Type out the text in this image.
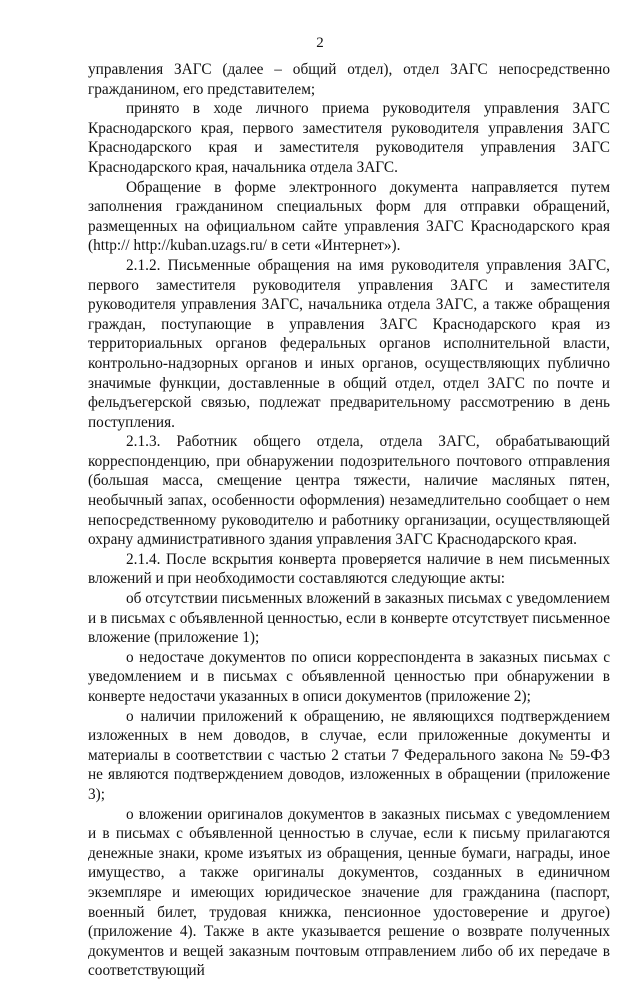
2

управления ЗАГС (далее – общий отдел), отдел ЗАГС непосредственно гражданином, его представителем;

принято в ходе личного приема руководителя управления ЗАГС Краснодарского края, первого заместителя руководителя управления ЗАГС Краснодарского края и заместителя руководителя управления ЗАГС Краснодарского края, начальника отдела ЗАГС.

Обращение в форме электронного документа направляется путем заполнения гражданином специальных форм для отправки обращений, размещенных на официальном сайте управления ЗАГС Краснодарского края (http:// http://kuban.uzags.ru/ в сети «Интернет»).

2.1.2. Письменные обращения на имя руководителя управления ЗАГС, первого заместителя руководителя управления ЗАГС и заместителя руководителя управления ЗАГС, начальника отдела ЗАГС, а также обращения граждан, поступающие в управления ЗАГС Краснодарского края из территориальных органов федеральных органов исполнительной власти, контрольно-надзорных органов и иных органов, осуществляющих публично значимые функции, доставленные в общий отдел, отдел ЗАГС по почте и фельдъегерской связью, подлежат предварительному рассмотрению в день поступления.

2.1.3. Работник общего отдела, отдела ЗАГС, обрабатывающий корреспонденцию, при обнаружении подозрительного почтового отправления (большая масса, смещение центра тяжести, наличие масляных пятен, необычный запах, особенности оформления) незамедлительно сообщает о нем непосредственному руководителю и работнику организации, осуществляющей охрану административного здания управления ЗАГС Краснодарского края.

2.1.4. После вскрытия конверта проверяется наличие в нем письменных вложений и при необходимости составляются следующие акты:

об отсутствии письменных вложений в заказных письмах с уведомлением и в письмах с объявленной ценностью, если в конверте отсутствует письменное вложение (приложение 1);

о недостаче документов по описи корреспондента в заказных письмах с уведомлением и в письмах с объявленной ценностью при обнаружении в конверте недостачи указанных в описи документов (приложение 2);

о наличии приложений к обращению, не являющихся подтверждением изложенных в нем доводов, в случае, если приложенные документы и материалы в соответствии с частью 2 статьи 7 Федерального закона № 59-ФЗ не являются подтверждением доводов, изложенных в обращении (приложение 3);

о вложении оригиналов документов в заказных письмах с уведомлением и в письмах с объявленной ценностью в случае, если к письму прилагаются денежные знаки, кроме изъятых из обращения, ценные бумаги, награды, иное имущество, а также оригиналы документов, созданных в единичном экземпляре и имеющих юридическое значение для гражданина (паспорт, военный билет, трудовая книжка, пенсионное удостоверение и другое) (приложение 4). Также в акте указывается решение о возврате полученных документов и вещей заказным почтовым отправлением либо об их передаче в соответствующий
